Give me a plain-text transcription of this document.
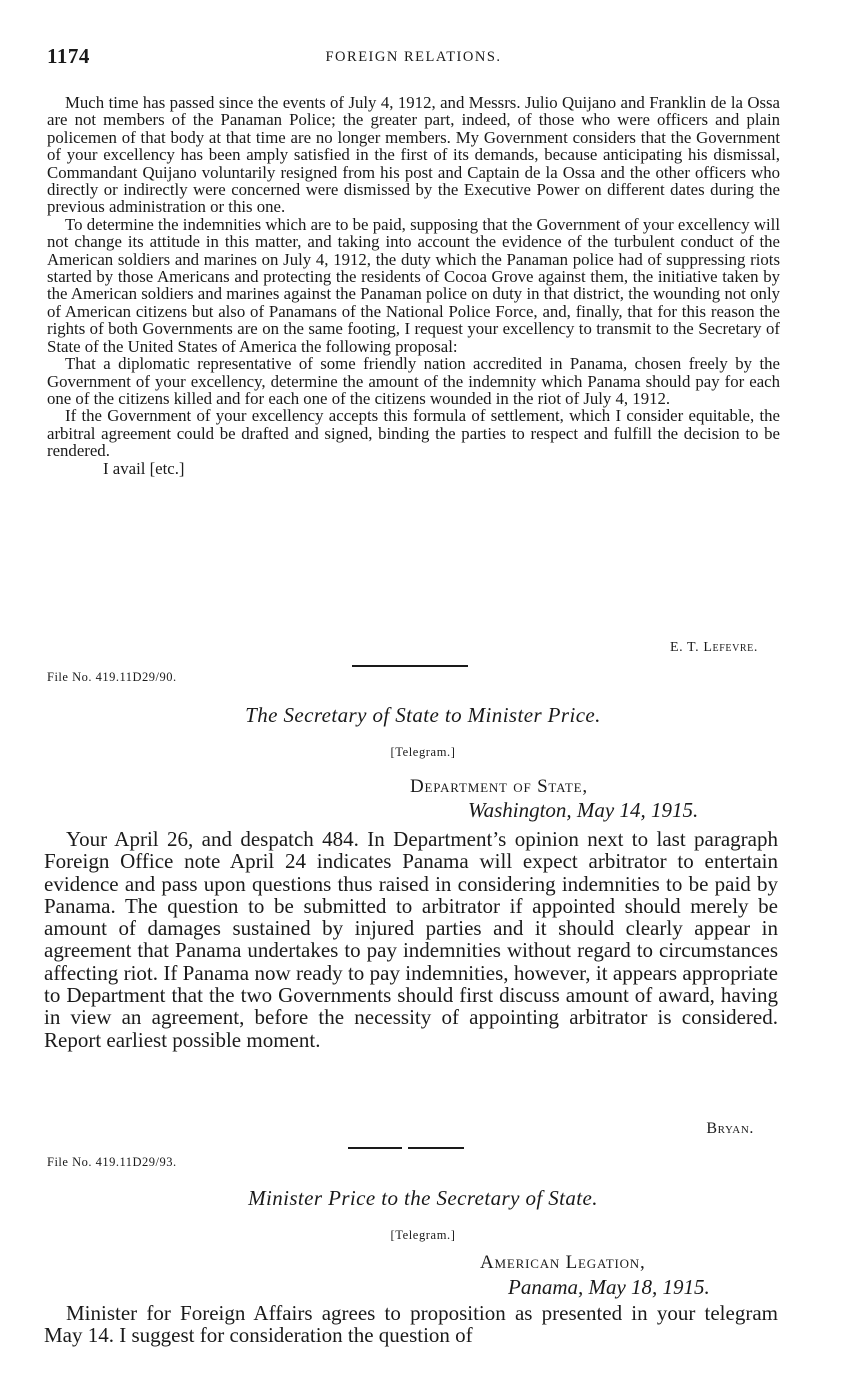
1174	FOREIGN RELATIONS.

Much time has passed since the events of July 4, 1912, and Messrs. Julio Quijano and Franklin de la Ossa are not members of the Panaman Police; the greater part, indeed, of those who were officers and plain policemen of that body at that time are no longer members. My Government considers that the Government of your excellency has been amply satisfied in the first of its demands, because anticipating his dismissal, Commandant Quijano voluntarily resigned from his post and Captain de la Ossa and the other officers who directly or indirectly were concerned were dismissed by the Executive Power on different dates during the previous administration or this one.

To determine the indemnities which are to be paid, supposing that the Government of your excellency will not change its attitude in this matter, and taking into account the evidence of the turbulent conduct of the American soldiers and marines on July 4, 1912, the duty which the Panaman police had of suppressing riots started by those Americans and protecting the residents of Cocoa Grove against them, the initiative taken by the American soldiers and marines against the Panaman police on duty in that district, the wounding not only of American citizens but also of Panamans of the National Police Force, and, finally, that for this reason the rights of both Governments are on the same footing, I request your excellency to transmit to the Secretary of State of the United States of America the following proposal:

That a diplomatic representative of some friendly nation accredited in Panama, chosen freely by the Government of your excellency, determine the amount of the indemnity which Panama should pay for each one of the citizens killed and for each one of the citizens wounded in the riot of July 4, 1912.

If the Government of your excellency accepts this formula of settlement, which I consider equitable, the arbitral agreement could be drafted and signed, binding the parties to respect and fulfill the decision to be rendered.

I avail [etc.]

E. T. Lefevre.
File No. 419.11D29/90.
The Secretary of State to Minister Price.
[Telegram.]
Department of State,
Washington, May 14, 1915.

Your April 26, and despatch 484. In Department’s opinion next to last paragraph Foreign Office note April 24 indicates Panama will expect arbitrator to entertain evidence and pass upon questions thus raised in considering indemnities to be paid by Panama. The question to be submitted to arbitrator if appointed should merely be amount of damages sustained by injured parties and it should clearly appear in agreement that Panama undertakes to pay indemnities without regard to circumstances affecting riot. If Panama now ready to pay indemnities, however, it appears appropriate to Department that the two Governments should first discuss amount of award, having in view an agreement, before the necessity of appointing arbitrator is considered. Report earliest possible moment.

Bryan.
File No. 419.11D29/93.
Minister Price to the Secretary of State.
[Telegram.]
American Legation,
Panama, May 18, 1915.

Minister for Foreign Affairs agrees to proposition as presented in your telegram May 14. I suggest for consideration the question of
